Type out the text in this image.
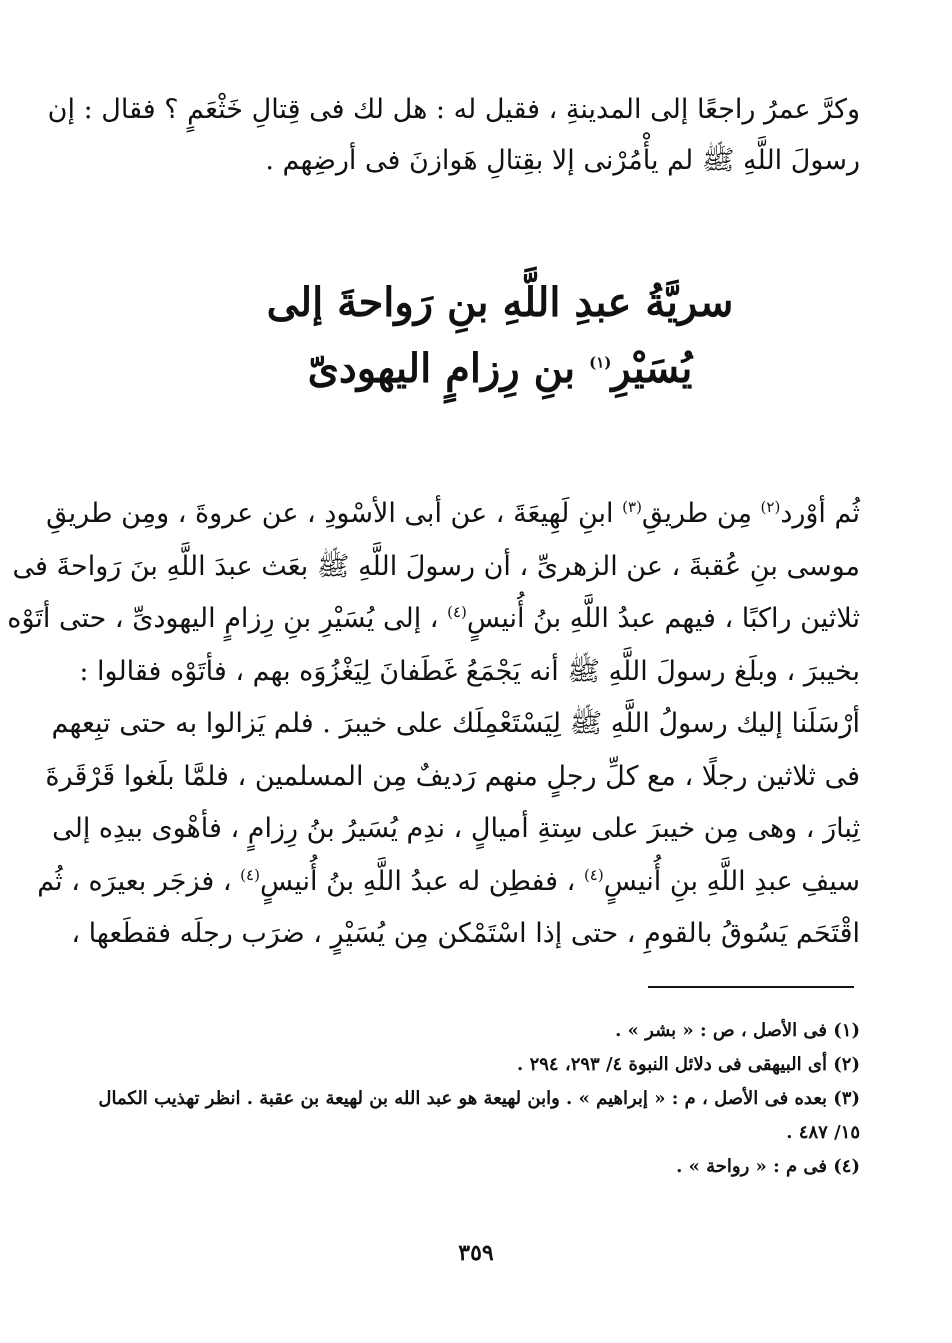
وكرَّ عمرُ راجعًا إلى المدينةِ ، فقيل له : هل لك فى قِتالِ خَثْعَمٍ ؟ فقال : إن
رسولَ اللَّهِ ﷺ لم يأْمُرْنى إلا بقِتالِ هَوازنَ فى أرضِهم .
سريَّةُ عبدِ اللَّهِ بنِ رَواحةَ إلى
يُسَيْرِ$^{(١)}$ بنِ رِزامٍ اليهودىّ
ثُم أوْرد$^{(٢)}$ مِن طريقِ$^{(٣)}$ ابنِ لَهِيعَةَ ، عن أبى الأسْودِ ، عن عروةَ ، ومِن طريقِ
موسى بنِ عُقبةَ ، عن الزهرىِّ ، أن رسولَ اللَّهِ ﷺ بعَث عبدَ اللَّهِ بنَ رَواحةَ فى
ثلاثين راكبًا ، فيهم عبدُ اللَّهِ بنُ أُنيسٍ$^{(٤)}$ ، إلى يُسَيْرِ بنِ رِزامٍ اليهودىِّ ، حتى أتَوْه
بخيبرَ ، وبلَغ رسولَ اللَّهِ ﷺ أنه يَجْمَعُ غَطَفانَ لِيَغْزُوَه بهم ، فأتَوْه فقالوا :
أرْسَلَنا إليك رسولُ اللَّهِ ﷺ لِيَسْتَعْمِلَك على خيبرَ . فلم يَزالوا به حتى تبِعهم
فى ثلاثين رجلًا ، مع كلِّ رجلٍ منهم رَديفٌ مِن المسلمين ، فلمَّا بلَغوا قَرْقَرةَ
ثِبارَ ، وهى مِن خيبرَ على سِتةِ أميالٍ ، ندِم يُسَيرُ بنُ رِزامٍ ، فأهْوى بيدِه إلى
سيفِ عبدِ اللَّهِ بنِ أُنيسٍ$^{(٤)}$ ، ففطِن له عبدُ اللَّهِ بنُ أُنيسٍ$^{(٤)}$ ، فزجَر بعيرَه ، ثُم
اقْتَحَم يَسُوقُ بالقومِ ، حتى إذا اسْتَمْكن مِن يُسَيْرٍ ، ضرَب رجلَه فقطَعها ،
(١) فى الأصل ، ص : « بشر » .
(٢) أى البيهقى فى دلائل النبوة ٤/ ٢٩٣، ٢٩٤ .
(٣) بعده فى الأصل ، م : « إبراهيم » . وابن لهيعة هو عبد الله بن لهيعة بن عقبة . انظر تهذيب الكمال
١٥/ ٤٨٧ .
(٤) فى م : « رواحة » .
٣٥٩
